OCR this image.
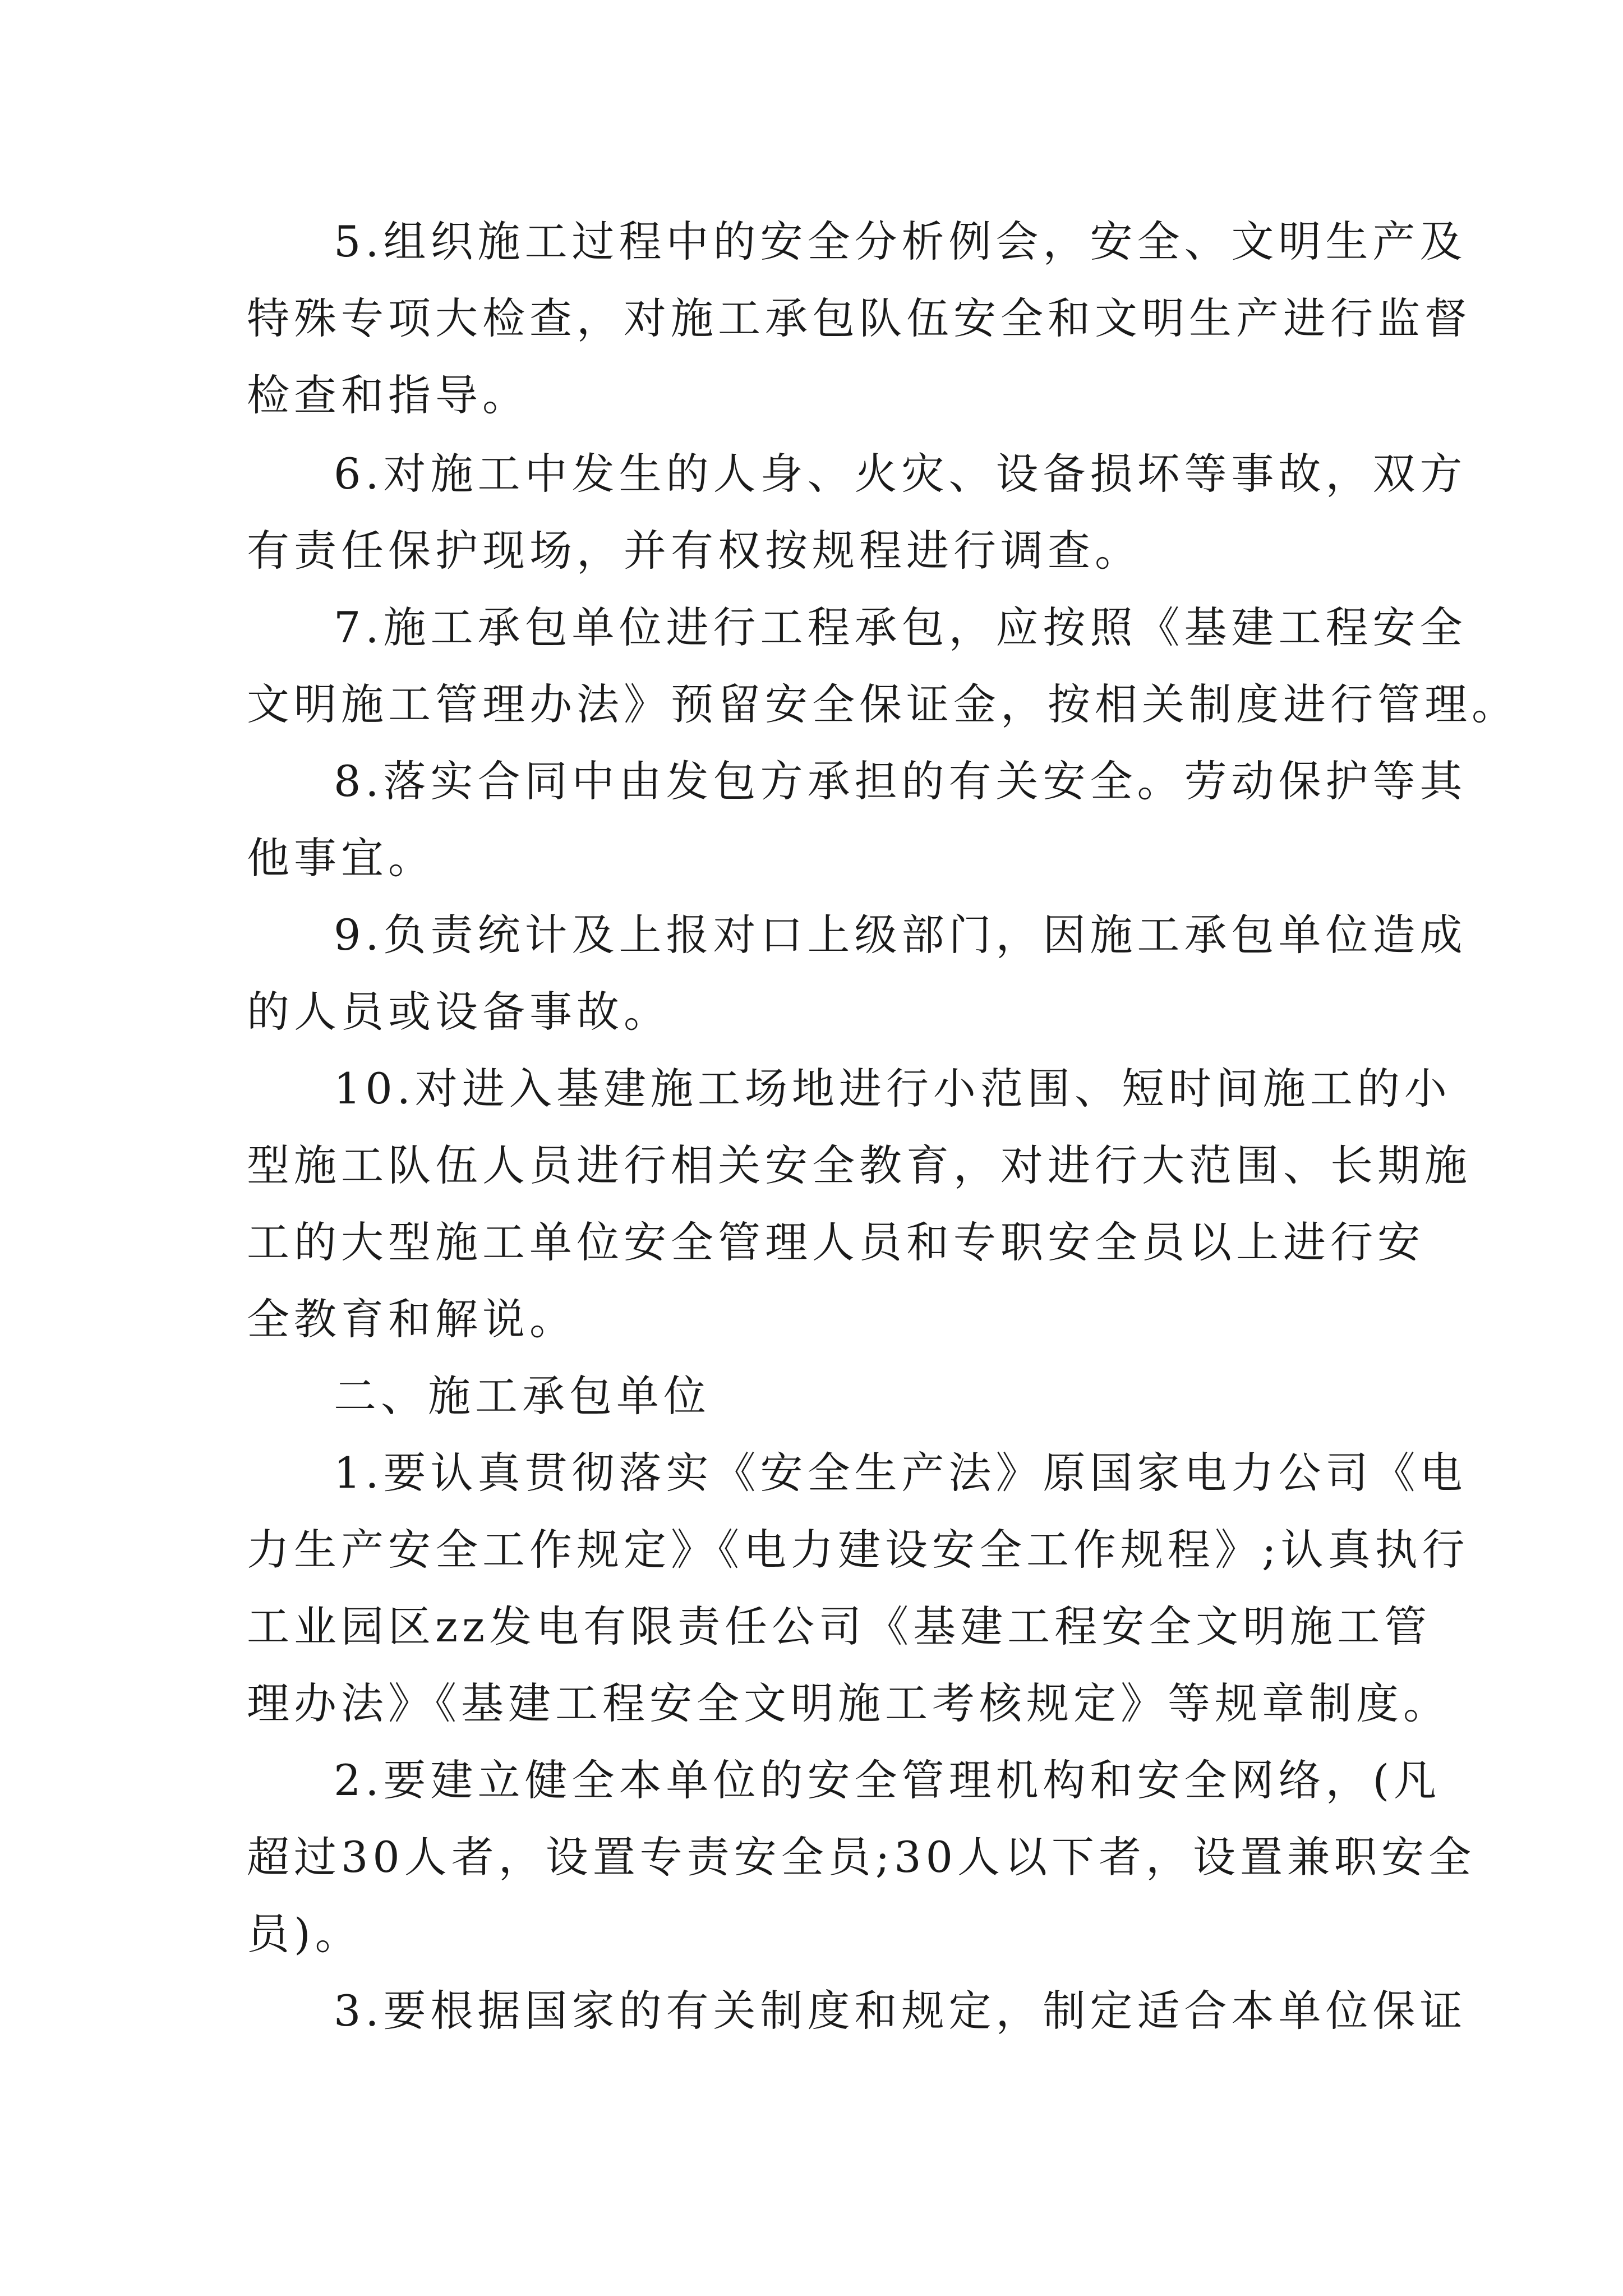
5.组织施工过程中的安全分析例会，安全、文明生产及
特殊专项大检查，对施工承包队伍安全和文明生产进行监督
检查和指导。
6.对施工中发生的人身、火灾、设备损坏等事故，双方
有责任保护现场，并有权按规程进行调查。
7.施工承包单位进行工程承包，应按照《基建工程安全
文明施工管理办法》预留安全保证金，按相关制度进行管理。
8.落实合同中由发包方承担的有关安全。劳动保护等其
他事宜。
9.负责统计及上报对口上级部门，因施工承包单位造成
的人员或设备事故。
10.对进入基建施工场地进行小范围、短时间施工的小
型施工队伍人员进行相关安全教育，对进行大范围、长期施
工的大型施工单位安全管理人员和专职安全员以上进行安
全教育和解说。
二、施工承包单位
1.要认真贯彻落实《安全生产法》原国家电力公司《电
力生产安全工作规定》《电力建设安全工作规程》;认真执行
工业园区zz发电有限责任公司《基建工程安全文明施工管
理办法》《基建工程安全文明施工考核规定》等规章制度。
2.要建立健全本单位的安全管理机构和安全网络，(凡
超过30人者，设置专责安全员;30人以下者，设置兼职安全
员)。
3.要根据国家的有关制度和规定，制定适合本单位保证
